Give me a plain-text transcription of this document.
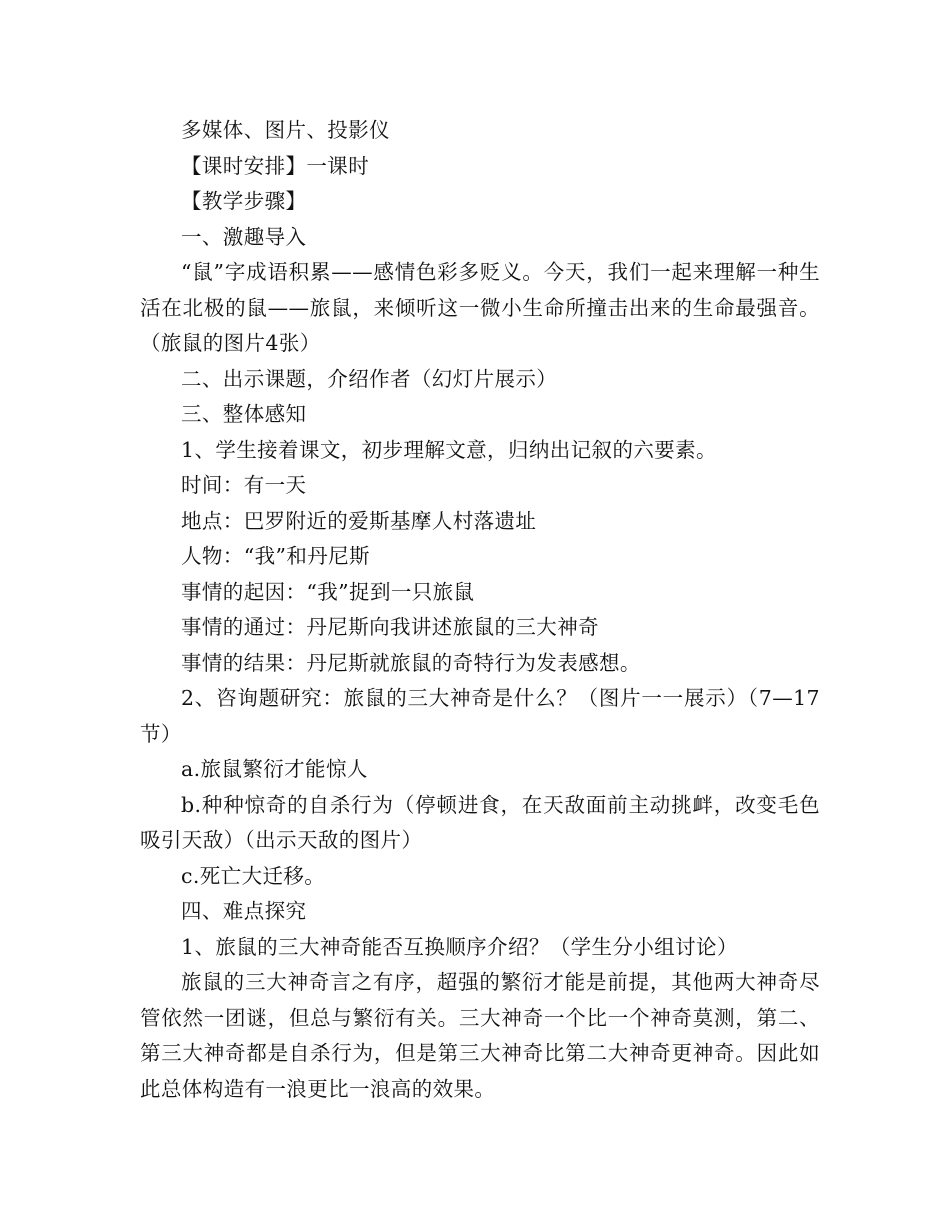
多媒体、图片、投影仪

【课时安排】一课时

【教学步骤】

一、激趣导入

“鼠”字成语积累——感情色彩多贬义。今天，我们一起来理解一种生活在北极的鼠——旅鼠，来倾听这一微小生命所撞击出来的生命最强音。（旅鼠的图片4张）

二、出示课题，介绍作者（幻灯片展示）

三、整体感知

1、学生接着课文，初步理解文意，归纳出记叙的六要素。

时间：有一天

地点：巴罗附近的爱斯基摩人村落遗址

人物：“我”和丹尼斯

事情的起因：“我”捉到一只旅鼠

事情的通过：丹尼斯向我讲述旅鼠的三大神奇

事情的结果：丹尼斯就旅鼠的奇特行为发表感想。

2、咨询题研究：旅鼠的三大神奇是什么？（图片一一展示）（7—17节）

a.旅鼠繁衍才能惊人

b.种种惊奇的自杀行为（停顿进食，在天敌面前主动挑衅，改变毛色吸引天敌）（出示天敌的图片）

c.死亡大迁移。

四、难点探究

1、旅鼠的三大神奇能否互换顺序介绍？（学生分小组讨论）

旅鼠的三大神奇言之有序，超强的繁衍才能是前提，其他两大神奇尽管依然一团谜，但总与繁衍有关。三大神奇一个比一个神奇莫测，第二、第三大神奇都是自杀行为，但是第三大神奇比第二大神奇更神奇。因此如此总体构造有一浪更比一浪高的效果。
